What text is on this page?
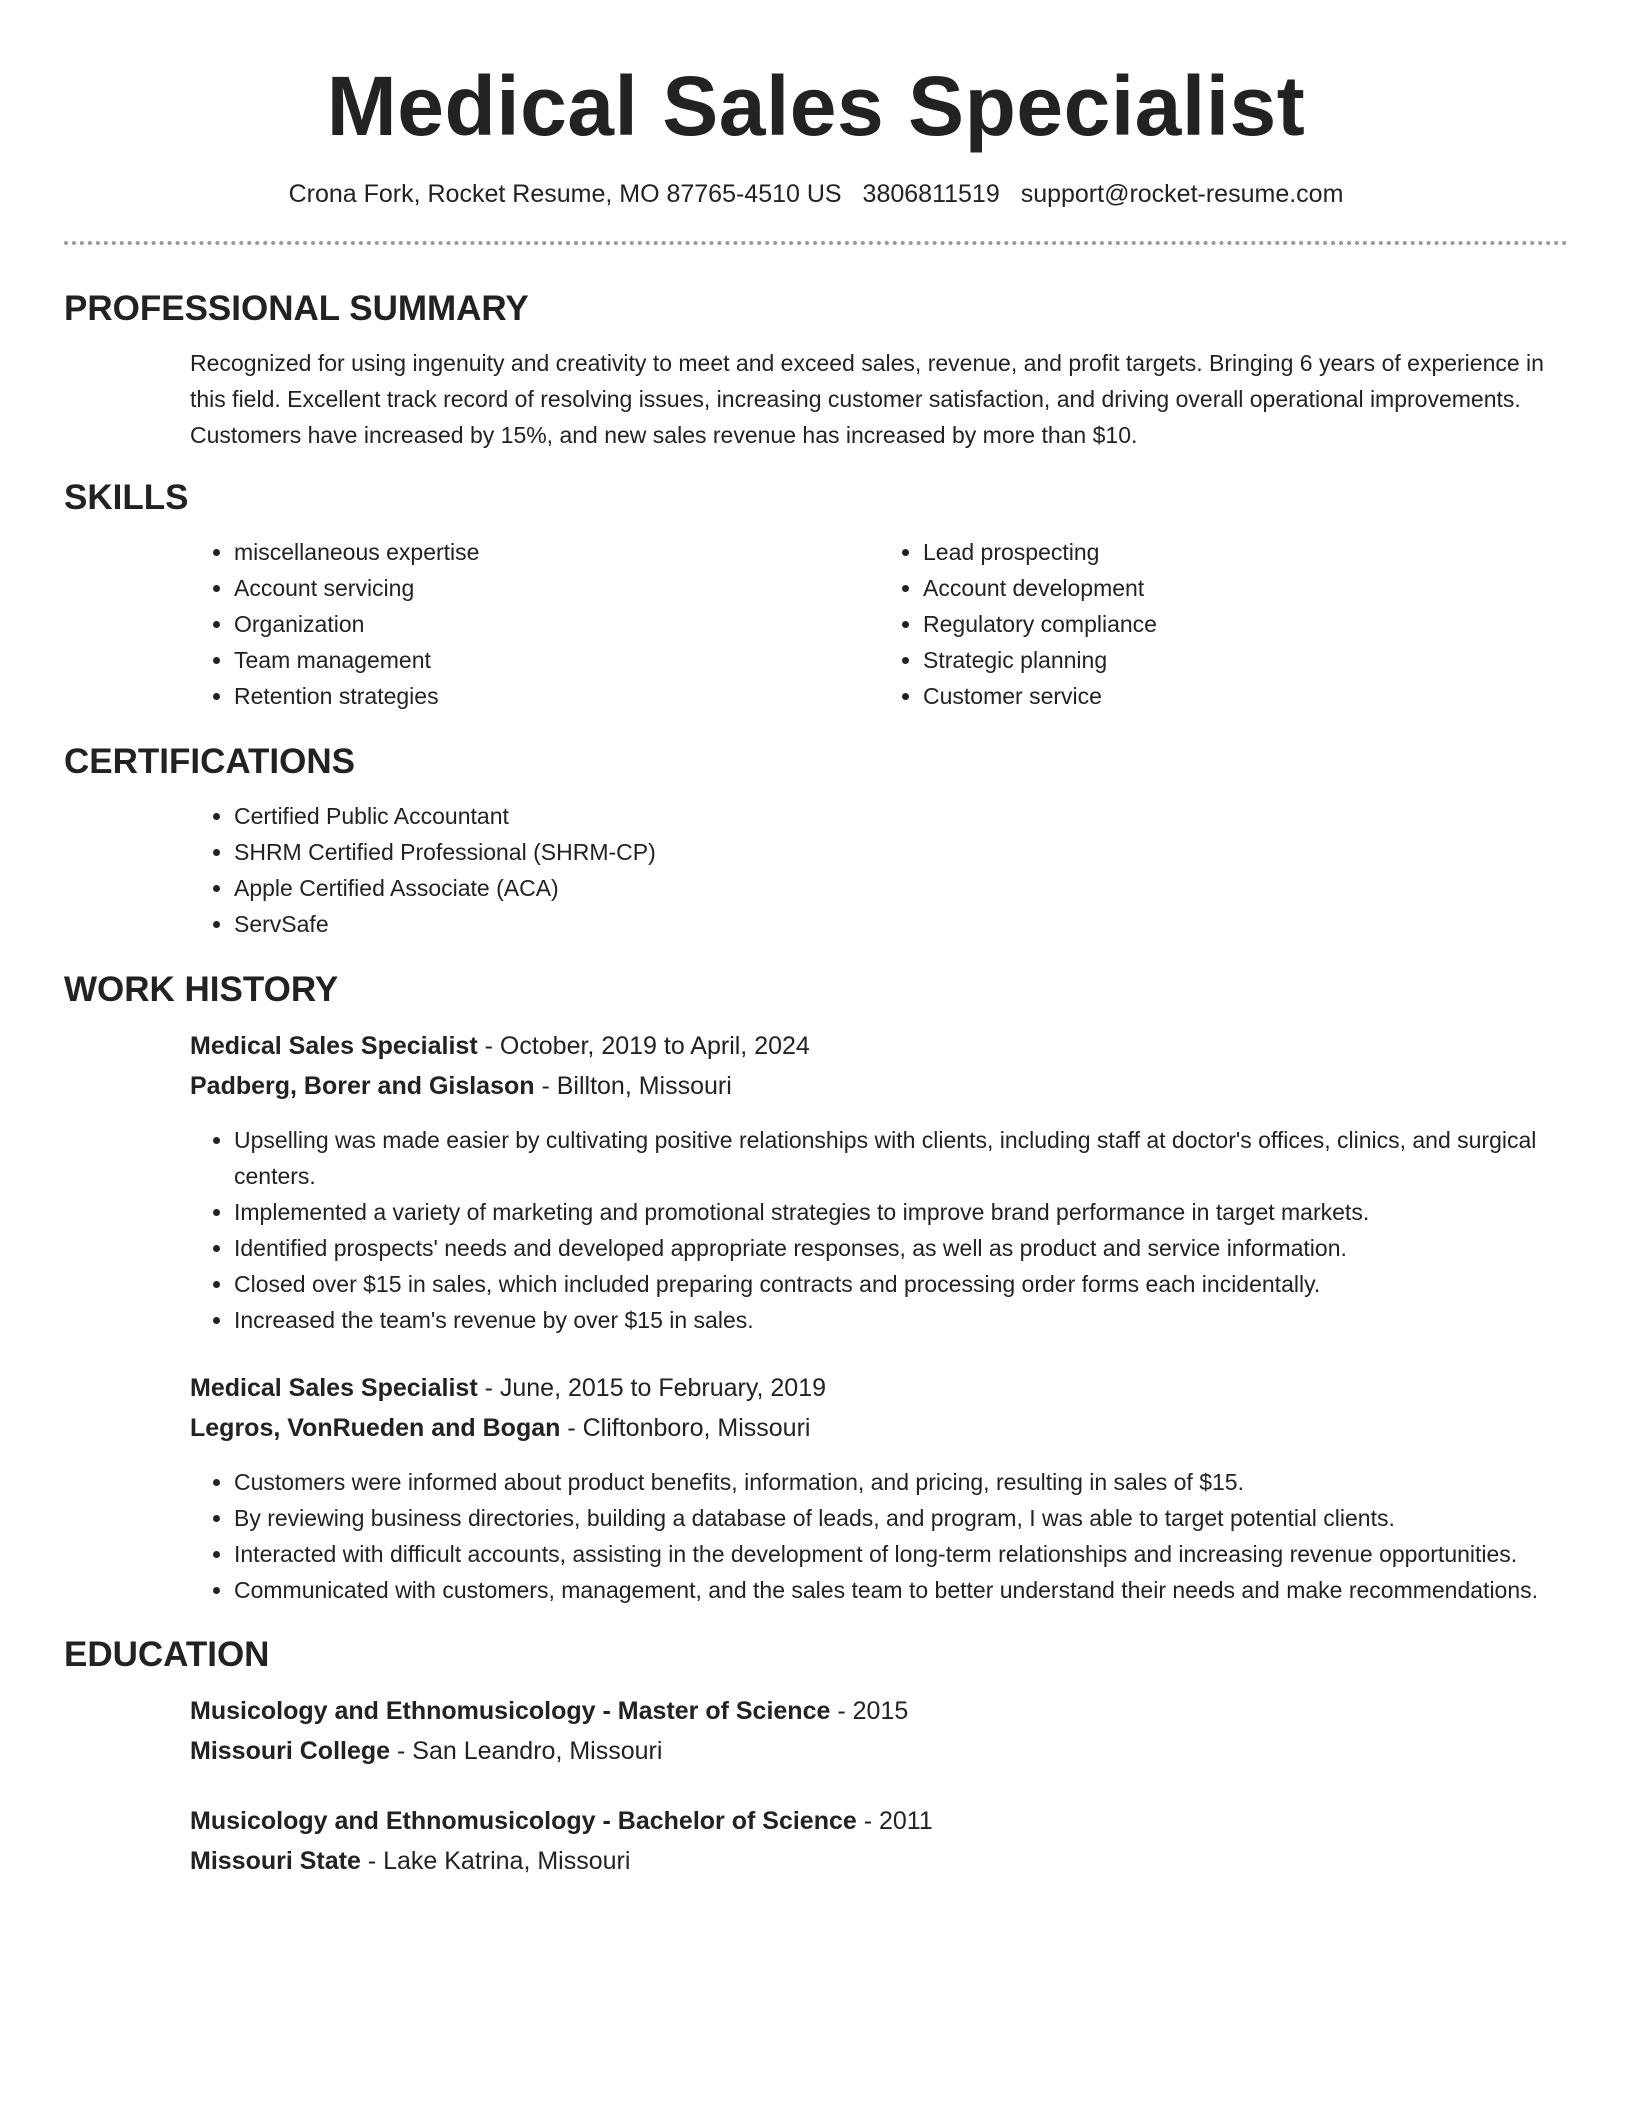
Medical Sales Specialist
Crona Fork, Rocket Resume, MO 87765-4510 US 3806811519 support@rocket-resume.com
PROFESSIONAL SUMMARY

Recognized for using ingenuity and creativity to meet and exceed sales, revenue, and profit targets. Bringing 6 years of experience in this field. Excellent track record of resolving issues, increasing customer satisfaction, and driving overall operational improvements. Customers have increased by 15%, and new sales revenue has increased by more than $10.

SKILLS
• miscellaneous expertise
• Account servicing
• Organization
• Team management
• Retention strategies
• Lead prospecting
• Account development
• Regulatory compliance
• Strategic planning
• Customer service
CERTIFICATIONS
• Certified Public Accountant
• SHRM Certified Professional (SHRM-CP)
• Apple Certified Associate (ACA)
• ServSafe
WORK HISTORY
Medical Sales Specialist - October, 2019 to April, 2024
Padberg, Borer and Gislason - Billton, Missouri
• Upselling was made easier by cultivating positive relationships with clients, including staff at doctor's offices, clinics, and surgical centers.
• Implemented a variety of marketing and promotional strategies to improve brand performance in target markets.
• Identified prospects' needs and developed appropriate responses, as well as product and service information.
• Closed over $15 in sales, which included preparing contracts and processing order forms each incidentally.
• Increased the team's revenue by over $15 in sales.
Medical Sales Specialist - June, 2015 to February, 2019
Legros, VonRueden and Bogan - Cliftonboro, Missouri
• Customers were informed about product benefits, information, and pricing, resulting in sales of $15.
• By reviewing business directories, building a database of leads, and program, I was able to target potential clients.
• Interacted with difficult accounts, assisting in the development of long-term relationships and increasing revenue opportunities.
• Communicated with customers, management, and the sales team to better understand their needs and make recommendations.
EDUCATION
Musicology and Ethnomusicology - Master of Science - 2015
Missouri College - San Leandro, Missouri
Musicology and Ethnomusicology - Bachelor of Science - 2011
Missouri State - Lake Katrina, Missouri
